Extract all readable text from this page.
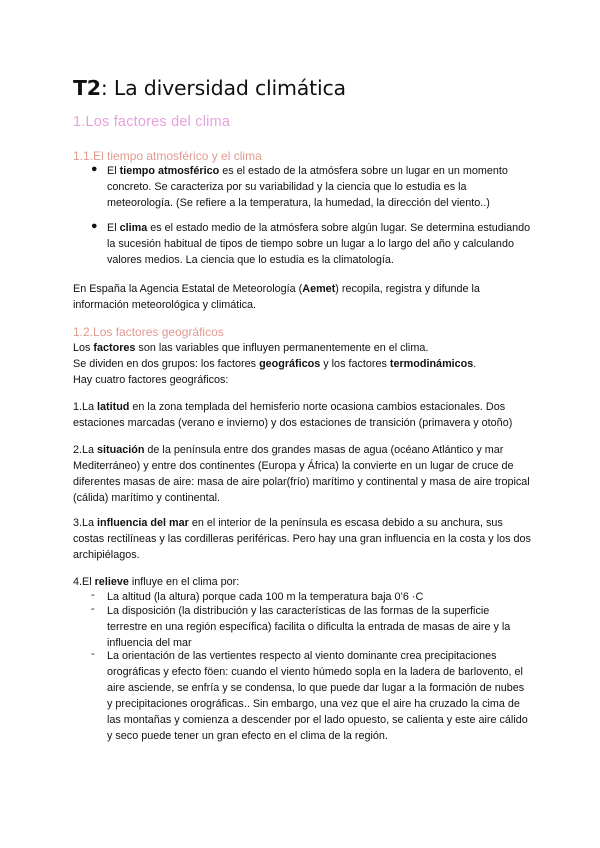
T2: La diversidad climática
1.Los factores del clima
1.1.El tiempo atmosférico y el clima
● El tiempo atmosférico es el estado de la atmósfera sobre un lugar en un momento concreto. Se caracteriza por su variabilidad y la ciencia que lo estudia es la meteorología. (Se refiere a la temperatura, la humedad, la dirección del viento..)
● El clima es el estado medio de la atmósfera sobre algún lugar. Se determina estudiando la sucesión habitual de tipos de tiempo sobre un lugar a lo largo del año y calculando valores medios. La ciencia que lo estudia es la climatología.
En España la Agencia Estatal de Meteorología (Aemet) recopila, registra y difunde la información meteorológica y climática.
1.2.Los factores geográficos
Los factores son las variables que influyen permanentemente en el clima.
Se dividen en dos grupos: los factores geográficos y los factores termodinámicos.
Hay cuatro factores geográficos:
1.La latitud en la zona templada del hemisferio norte ocasiona cambios estacionales. Dos estaciones marcadas (verano e invierno) y dos estaciones de transición (primavera y otoño)
2.La situación de la península entre dos grandes masas de agua (océano Atlántico y mar Mediterráneo) y entre dos continentes (Europa y África) la convierte en un lugar de cruce de diferentes masas de aire: masa de aire polar(frío) marítimo y continental y masa de aire tropical (cálida) marítimo y continental.
3.La influencia del mar en el interior de la península es escasa debido a su anchura, sus costas rectilíneas y las cordilleras periféricas. Pero hay una gran influencia en la costa y los dos archipiélagos.
4.El relieve influye en el clima por:
- La altitud (la altura) porque cada 100 m la temperatura baja 0’6 ·C
- La disposición (la distribución y las características de las formas de la superficie terrestre en una región específica) facilita o dificulta la entrada de masas de aire y la influencia del mar
- La orientación de las vertientes respecto al viento dominante crea precipitaciones orográficas y efecto föen: cuando el viento húmedo sopla en la ladera de barlovento, el aire asciende, se enfría y se condensa, lo que puede dar lugar a la formación de nubes y precipitaciones orográficas.. Sin embargo, una vez que el aire ha cruzado la cima de las montañas y comienza a descender por el lado opuesto, se calienta y este aire cálido y seco puede tener un gran efecto en el clima de la región.
